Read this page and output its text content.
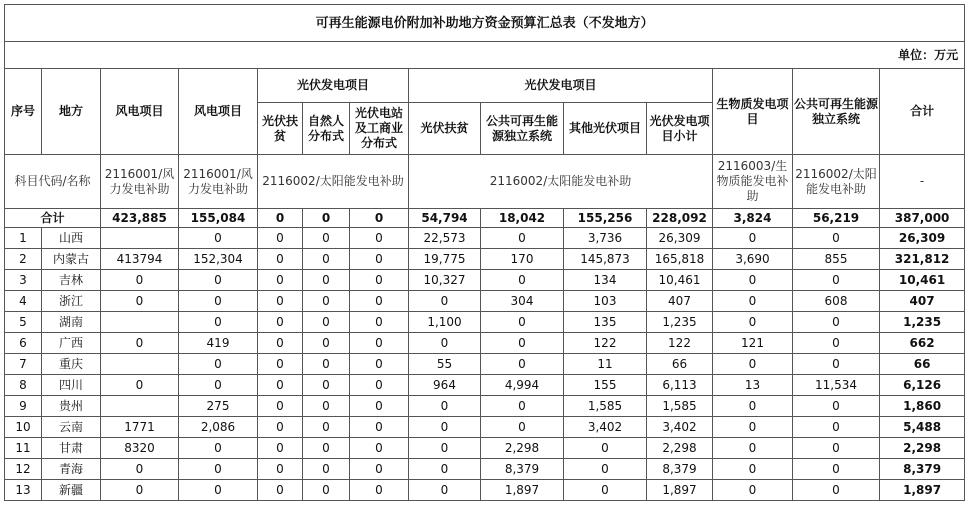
可再生能源电价附加补助地方资金预算汇总表（不发地方）													
单位：万元													
序号	地方	风电项目	风电项目	光伏发电项目			光伏发电项目				生物质发电项目	公共可再生能源独立系统	合计
				光伏扶贫	自然人分布式	光伏电站及工商业分布式	光伏扶贫	公共可再生能源独立系统	其他光伏项目	光伏发电项目小计			
科目代码/名称		2116001/风力发电补助	2116001/风力发电补助	2116002/太阳能发电补助			2116002/太阳能发电补助				2116003/生物质能发电补助	2116002/太阳能发电补助	-
合计		423,885	155,084	0	0	0	54,794	18,042	155,256	228,092	3,824	56,219	387,000
1	山西		0	0	0	0	22,573	0	3,736	26,309	0	0	26,309
2	内蒙古	413794	152,304	0	0	0	19,775	170	145,873	165,818	3,690	855	321,812
3	吉林	0	0	0	0	0	10,327	0	134	10,461	0	0	10,461
4	浙江	0	0	0	0	0	0	304	103	407	0	608	407
5	湖南		0	0	0	0	1,100	0	135	1,235	0	0	1,235
6	广西	0	419	0	0	0	0	0	122	122	121	0	662
7	重庆		0	0	0	0	55	0	11	66	0	0	66
8	四川	0	0	0	0	0	964	4,994	155	6,113	13	11,534	6,126
9	贵州		275	0	0	0	0	0	1,585	1,585	0	0	1,860
10	云南	1771	2,086	0	0	0	0	0	3,402	3,402	0	0	5,488
11	甘肃	8320	0	0	0	0	0	2,298	0	2,298	0	0	2,298
12	青海	0	0	0	0	0	0	8,379	0	8,379	0	0	8,379
13	新疆	0	0	0	0	0	0	1,897	0	1,897	0	0	1,897
